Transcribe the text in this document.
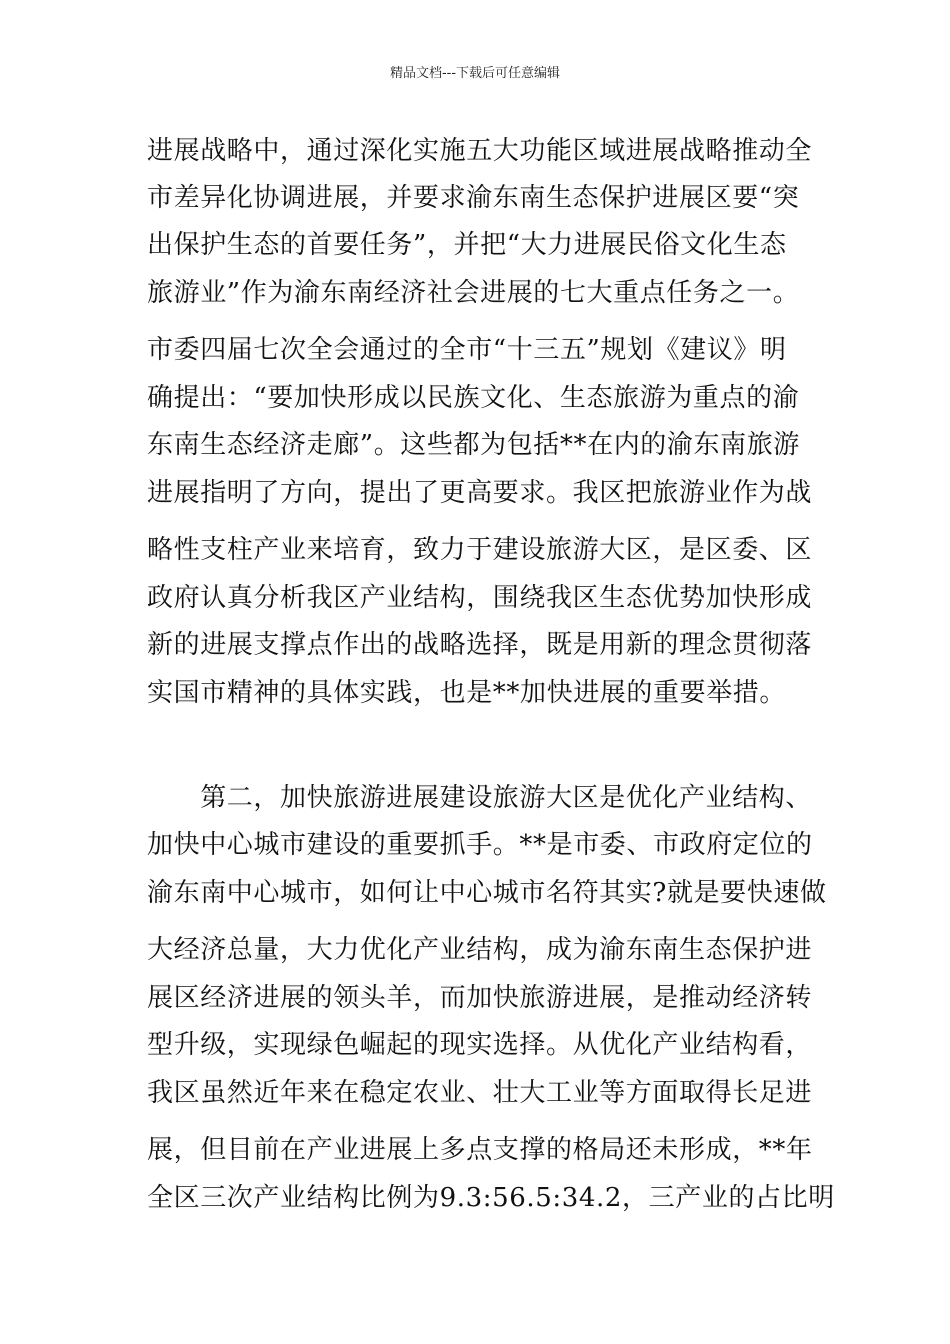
精品文档---下载后可任意编辑
进展战略中，通过深化实施五大功能区域进展战略推动全
市差异化协调进展，并要求渝东南生态保护进展区要“突
出保护生态的首要任务”，并把“大力进展民俗文化生态
旅游业”作为渝东南经济社会进展的七大重点任务之一。
市委四届七次全会通过的全市“十三五”规划《建议》明
确提出：“要加快形成以民族文化、生态旅游为重点的渝
东南生态经济走廊”。这些都为包括**在内的渝东南旅游
进展指明了方向，提出了更高要求。我区把旅游业作为战
略性支柱产业来培育，致力于建设旅游大区，是区委、区
政府认真分析我区产业结构，围绕我区生态优势加快形成
新的进展支撑点作出的战略选择，既是用新的理念贯彻落
实国市精神的具体实践，也是**加快进展的重要举措。
　　第二，加快旅游进展建设旅游大区是优化产业结构、
加快中心城市建设的重要抓手。**是市委、市政府定位的
渝东南中心城市，如何让中心城市名符其实?就是要快速做
大经济总量，大力优化产业结构，成为渝东南生态保护进
展区经济进展的领头羊，而加快旅游进展，是推动经济转
型升级，实现绿色崛起的现实选择。从优化产业结构看，
我区虽然近年来在稳定农业、壮大工业等方面取得长足进
展，但目前在产业进展上多点支撑的格局还未形成，**年
全区三次产业结构比例为9.3:56.5:34.2，三产业的占比明
